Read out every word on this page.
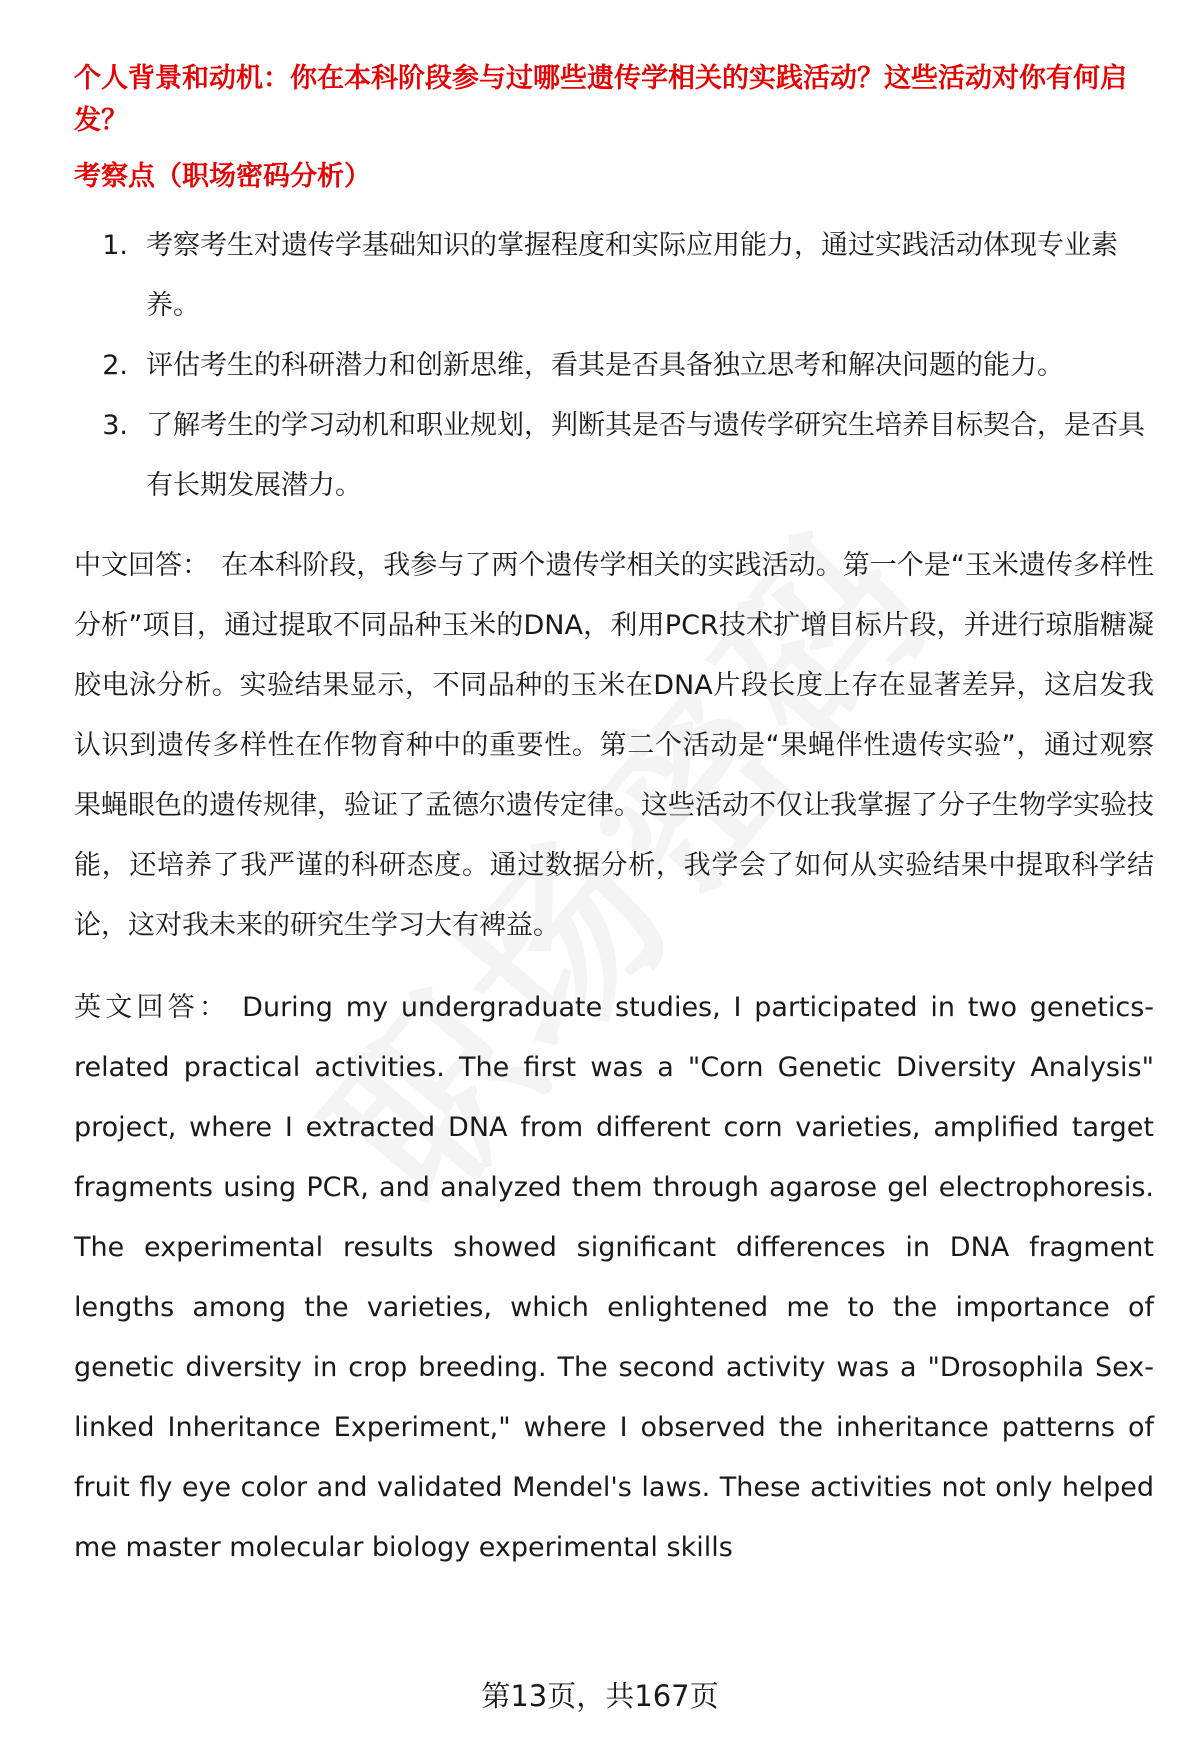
个人背景和动机：你在本科阶段参与过哪些遗传学相关的实践活动？这些活动对你有何启发？
考察点（职场密码分析）
1. 考察考生对遗传学基础知识的掌握程度和实际应用能力，通过实践活动体现专业素养。
2. 评估考生的科研潜力和创新思维，看其是否具备独立思考和解决问题的能力。
3. 了解考生的学习动机和职业规划，判断其是否与遗传学研究生培养目标契合，是否具有长期发展潜力。

中文回答： 在本科阶段，我参与了两个遗传学相关的实践活动。第一个是“玉米遗传多样性分析”项目，通过提取不同品种玉米的DNA，利用PCR技术扩增目标片段，并进行琼脂糖凝胶电泳分析。实验结果显示，不同品种的玉米在DNA片段长度上存在显著差异，这启发我认识到遗传多样性在作物育种中的重要性。第二个活动是“果蝇伴性遗传实验”，通过观察果蝇眼色的遗传规律，验证了孟德尔遗传定律。这些活动不仅让我掌握了分子生物学实验技能，还培养了我严谨的科研态度。通过数据分析，我学会了如何从实验结果中提取科学结论，这对我未来的研究生学习大有裨益。

英文回答： During my undergraduate studies, I participated in two genetics-related practical activities. The first was a "Corn Genetic Diversity Analysis" project, where I extracted DNA from different corn varieties, amplified target fragments using PCR, and analyzed them through agarose gel electrophoresis. The experimental results showed significant differences in DNA fragment lengths among the varieties, which enlightened me to the importance of genetic diversity in crop breeding. The second activity was a "Drosophila Sex-linked Inheritance Experiment," where I observed the inheritance patterns of fruit fly eye color and validated Mendel's laws. These activities not only helped me master molecular biology experimental skills

第13页，共167页
